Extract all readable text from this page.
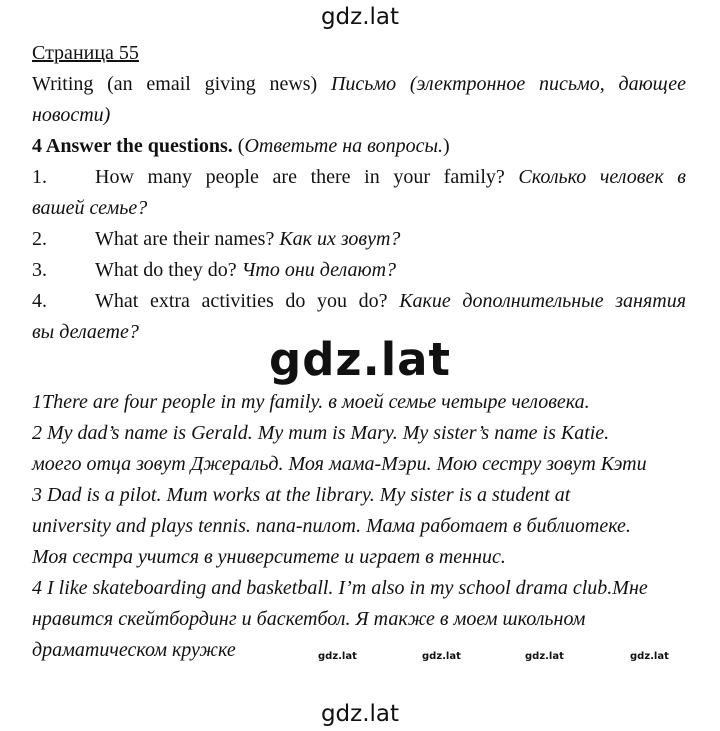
gdz.lat
Страница 55
Writing (an email giving news) Письмо (электронное письмо, дающее
новости)
4 Answer the questions. (Ответьте на вопросы.)
1. How many people are there in your family? Сколько человек в
вашей семье?
2. What are their names? Как их зовут?
3. What do they do? Что они делают?
4. What extra activities do you do? Какие дополнительные занятия
вы делаете?
gdz.lat
1There are four people in my family. в моей семье четыре человека.
2 My dad’s name is Gerald. My mum is Mary. My sister’s name is Katie.
моего отца зовут Джеральд. Моя мама-Мэри. Мою сестру зовут Кэти
3 Dad is a pilot. Mum works at the library. My sister is a student at
university and plays tennis. папа-пилот. Мама работает в библиотеке.
Моя сестра учится в университете и играет в теннис.
4 I like skateboarding and basketball. I’m also in my school drama club.Мне
нравится скейтбординг и баскетбол. Я также в моем школьном
драматическом кружке	gdz.lat	gdz.lat	gdz.lat	gdz.lat
gdz.lat
